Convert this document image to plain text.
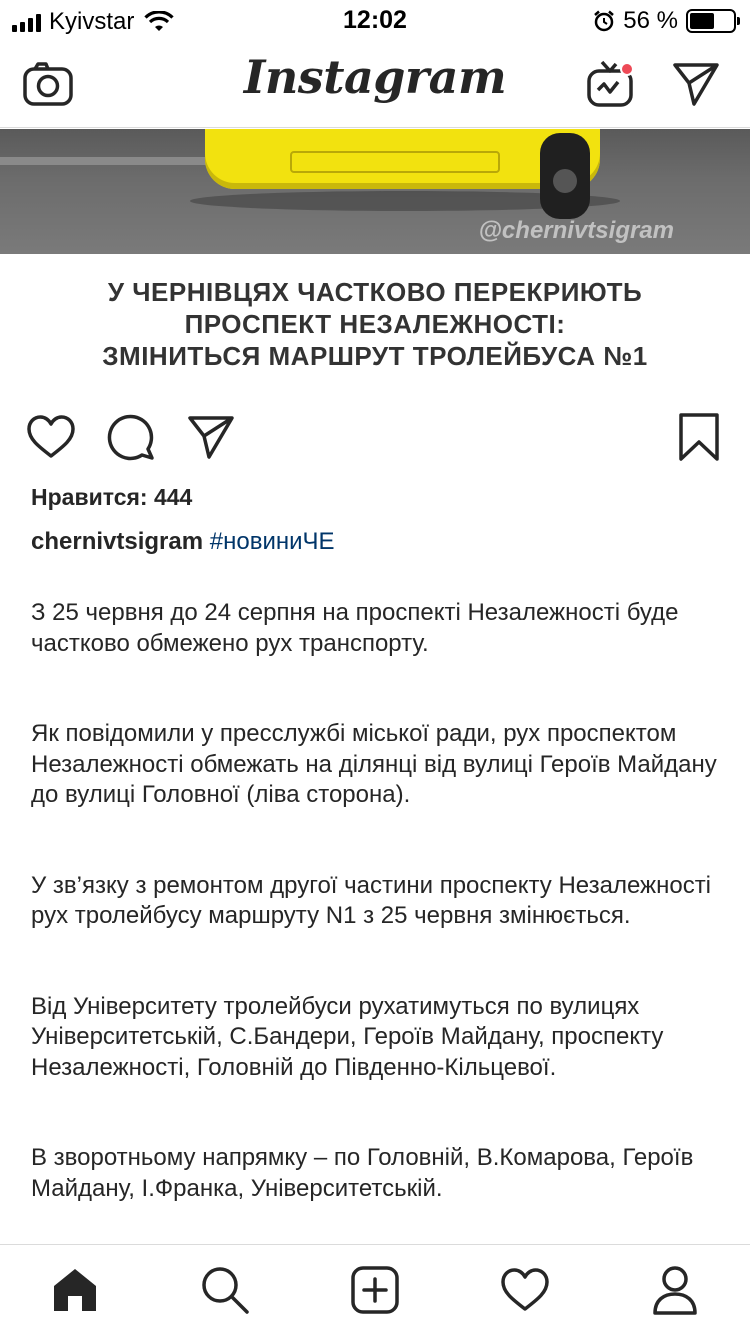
Kyivstar	12:02	56 %
Instagram
@chernivtsigram
У ЧЕРНІВЦЯХ ЧАСТКОВО ПЕРЕКРИЮТЬ
ПРОСПЕКТ НЕЗАЛЕЖНОСТІ:
ЗМІНИТЬСЯ МАРШРУТ ТРОЛЕЙБУСА №1
Нравится: 444
chernivtsigram #новиниЧЕ

З 25 червня до 24 серпня на проспекті Незалежності буде частково обмежено рух транспорту.

Як повідомили у пресслужбі міської ради, рух проспектом Незалежності обмежать на ділянці від вулиці Героїв Майдану до вулиці Головної (ліва сторона).

У зв’язку з ремонтом другої частини проспекту Незалежності рух тролейбусу маршруту N1 з 25 червня змінюється.

Від Університету тролейбуси рухатимуться по вулицях Університетській, С.Бандери, Героїв Майдану, проспекту Незалежності, Головній до Південно-Кільцевої.

В зворотньому напрямку – по Головній, В.Комарова, Героїв Майдану, І.Франка, Університетській.
